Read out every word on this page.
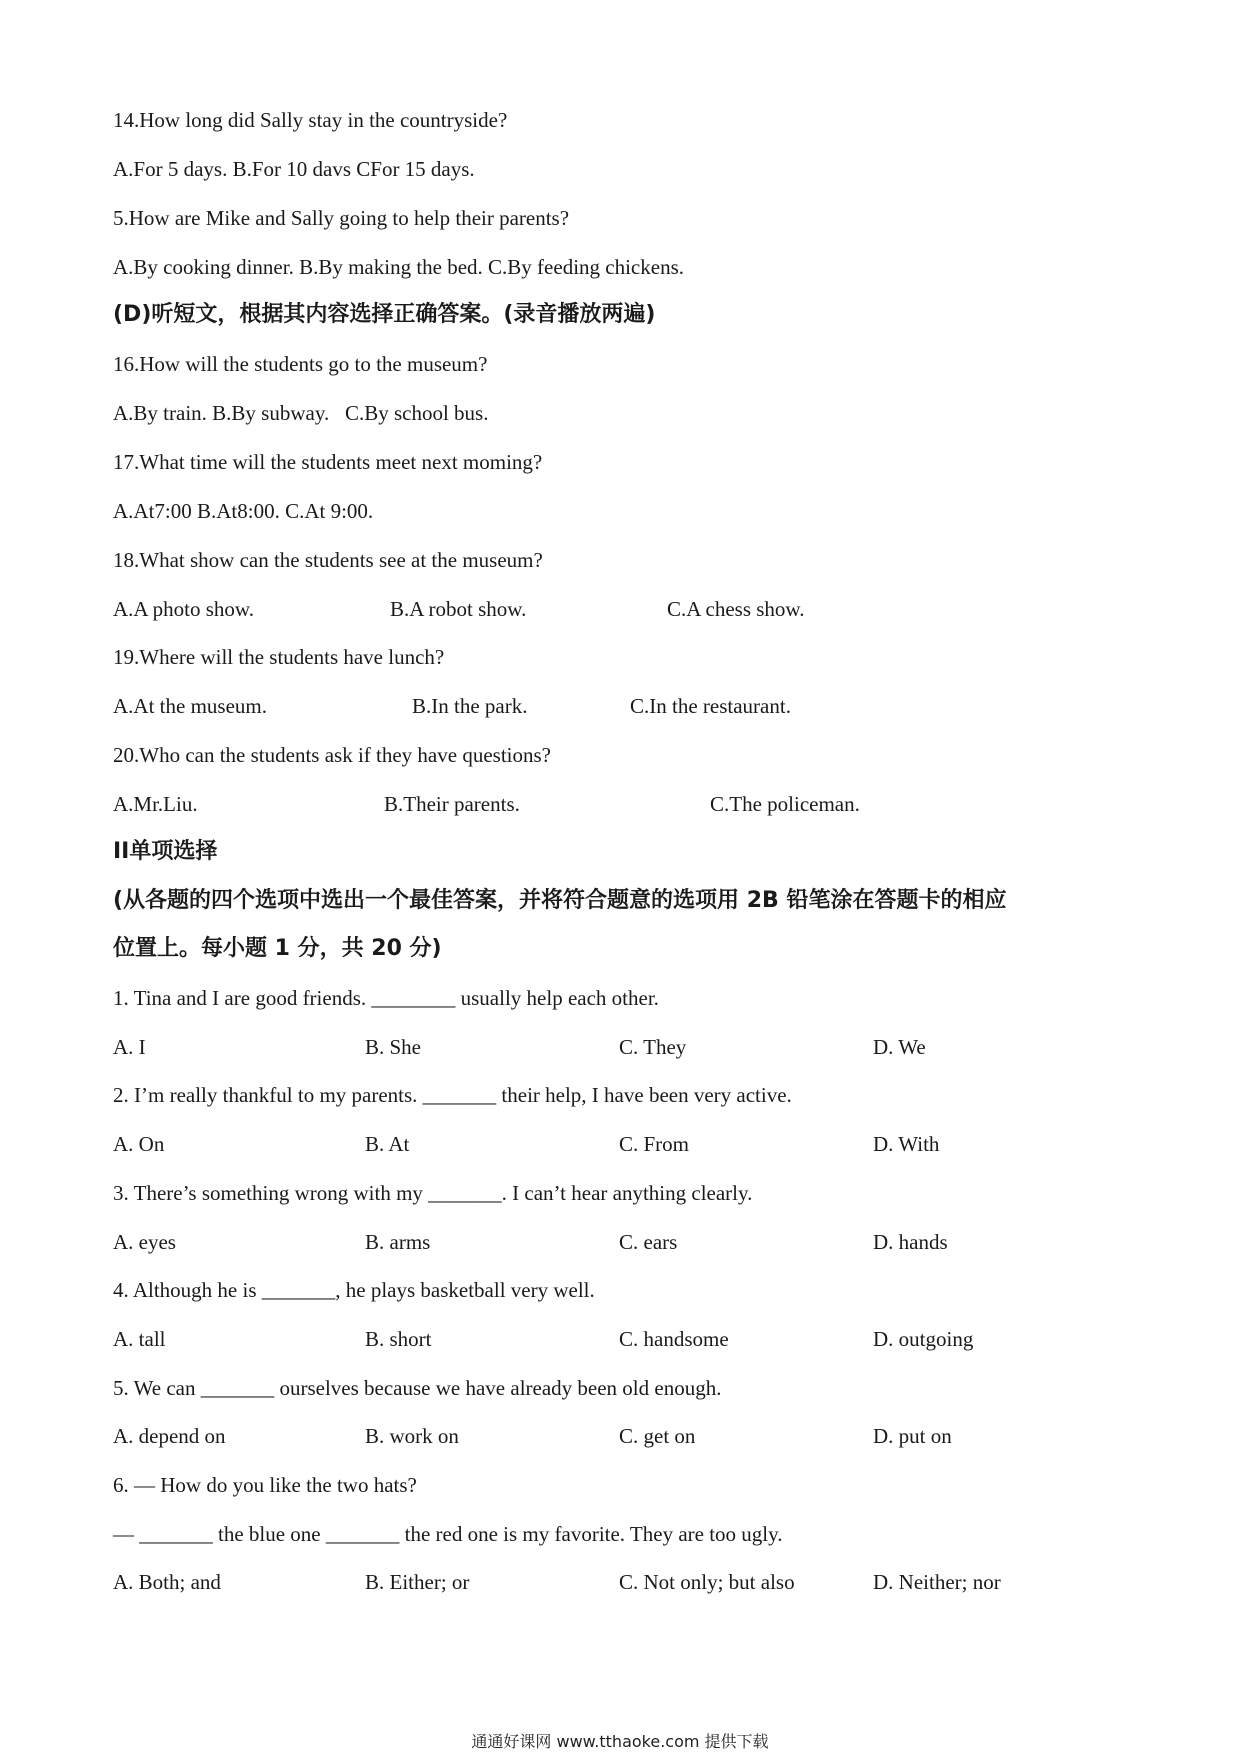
14.How long did Sally stay in the countryside?
A.For 5 days. B.For 10 davs CFor 15 days.
5.How are Mike and Sally going to help their parents?
A.By cooking dinner. B.By making the bed. C.By feeding chickens.
(D)听短文，根据其内容选择正确答案。(录音播放两遍)
16.How will the students go to the museum?
A.By train. B.By subway.   C.By school bus.
17.What time will the students meet next moming?
A.At7:00 B.At8:00. C.At 9:00.
18.What show can the students see at the museum?
A.A photo show.	B.A robot show.	C.A chess show.
19.Where will the students have lunch?
A.At the museum.	B.In the park.	C.In the restaurant.
20.Who can the students ask if they have questions?
A.Mr.Liu.	B.Their parents.	C.The policeman.
II单项选择
(从各题的四个选项中选出一个最佳答案，并将符合题意的选项用 2B 铅笔涂在答题卡的相应
位置上。每小题 1 分，共 20 分)
1. Tina and I are good friends. ________ usually help each other.
A. I	B. She	C. They	D. We
2. I’m really thankful to my parents. _______ their help, I have been very active.
A. On	B. At	C. From	D. With
3. There’s something wrong with my _______. I can’t hear anything clearly.
A. eyes	B. arms	C. ears	D. hands
4. Although he is _______, he plays basketball very well.
A. tall	B. short	C. handsome	D. outgoing
5. We can _______ ourselves because we have already been old enough.
A. depend on	B. work on	C. get on	D. put on
6. — How do you like the two hats?
— _______ the blue one _______ the red one is my favorite. They are too ugly.
A. Both; and	B. Either; or	C. Not only; but also	D. Neither; nor
通通好课网 www.tthaoke.com 提供下载
